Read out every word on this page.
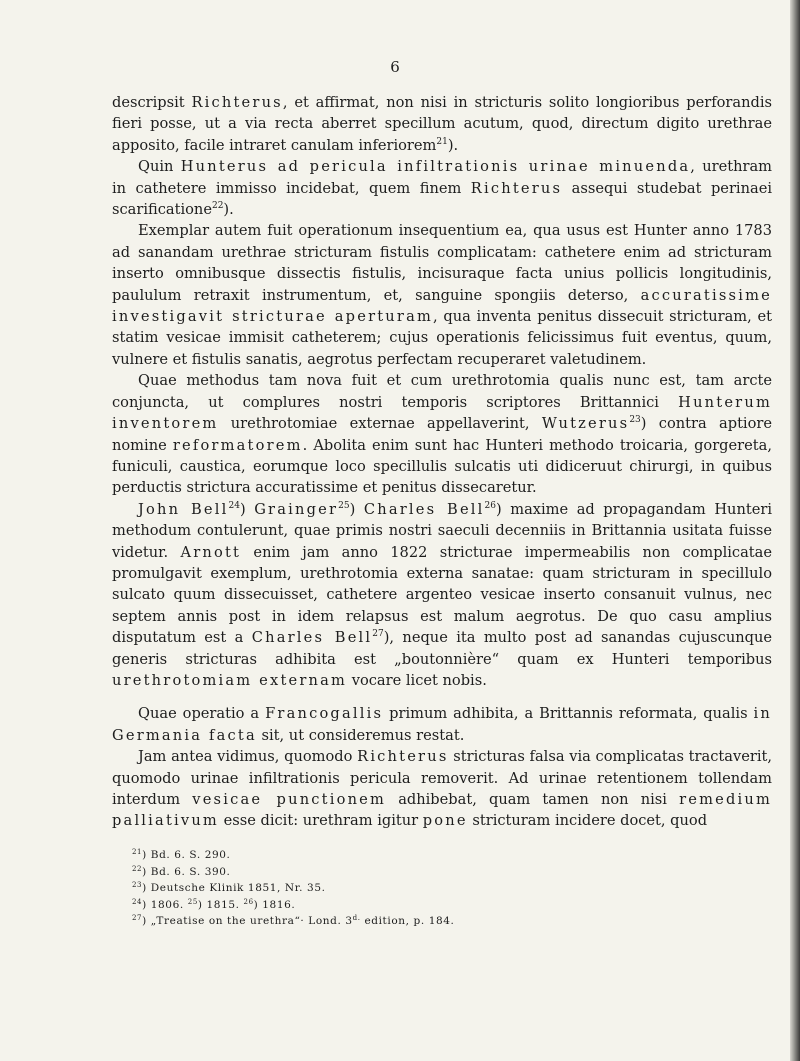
6

descripsit Richterus, et affirmat, non nisi in stricturis solito longioribus perforandis fieri posse, ut a via recta aberret specillum acutum, quod, directum digito urethrae apposito, facile intraret canulam inferiorem$^{21}$).

Quin Hunterus ad pericula infiltrationis urinae minuenda, urethram in cathetere immisso incidebat, quem finem Richterus assequi studebat perinaei scarificatione$^{22}$).

Exemplar autem fuit operationum insequentium ea, qua usus est Hunter anno 1783 ad sanandam urethrae stricturam fistulis complicatam: cathetere enim ad stricturam inserto omnibusque dissectis fistulis, incisuraque facta unius pollicis longitudinis, paululum retraxit instrumentum, et, sanguine spongiis deterso, accuratissime investigavit stricturae aperturam, qua inventa penitus dissecuit stricturam, et statim vesicae immisit catheterem; cujus operationis felicissimus fuit eventus, quum, vulnere et fistulis sanatis, aegrotus perfectam recuperaret valetudinem.

Quae methodus tam nova fuit et cum urethrotomia qualis nunc est, tam arcte conjuncta, ut complures nostri temporis scriptores Brittannici Hunterum inventorem urethrotomiae externae appellaverint, Wutzerus$^{23}$) contra aptiore nomine reformatorem. Abolita enim sunt hac Hunteri methodo troicaria, gorgereta, funiculi, caustica, eorumque loco specillulis sulcatis uti didiceruut chirurgi, in quibus perductis strictura accuratissime et penitus dissecaretur.

John Bell$^{24}$) Grainger$^{25}$) Charles Bell$^{26}$) maxime ad propagandam Hunteri methodum contulerunt, quae primis nostri saeculi decenniis in Brittannia usitata fuisse videtur. Arnott enim jam anno 1822 stricturae impermeabilis non complicatae promulgavit exemplum, urethrotomia externa sanatae: quam stricturam in specillulo sulcato quum dissecuisset, cathetere argenteo vesicae inserto consanuit vulnus, nec septem annis post in idem relapsus est malum aegrotus. De quo casu amplius disputatum est a Charles Bell$^{27}$), neque ita multo post ad sanandas cujuscunque generis stricturas adhibita est „boutonnière“ quam ex Hunteri temporibus urethrotomiam externam vocare licet nobis.

Quae operatio a Francogallis primum adhibita, a Brittannis reformata, qualis in Germania facta sit, ut consideremus restat.

Jam antea vidimus, quomodo Richterus stricturas falsa via complicatas tractaverit, quomodo urinae infiltrationis pericula removerit. Ad urinae retentionem tollendam interdum vesicae punctionem adhibebat, quam tamen non nisi remedium palliativum esse dicit: urethram igitur pone stricturam incidere docet, quod

$^{21}$) Bd. 6. S. 290.
$^{22}$) Bd. 6. S. 390.
$^{23}$) Deutsche Klinik 1851, Nr. 35.
$^{24}$) 1806. $^{25}$) 1815. $^{26}$) 1816.
$^{27}$) „Treatise on the urethra“· Lond. $3^{d.}$ edition, p. 184.
